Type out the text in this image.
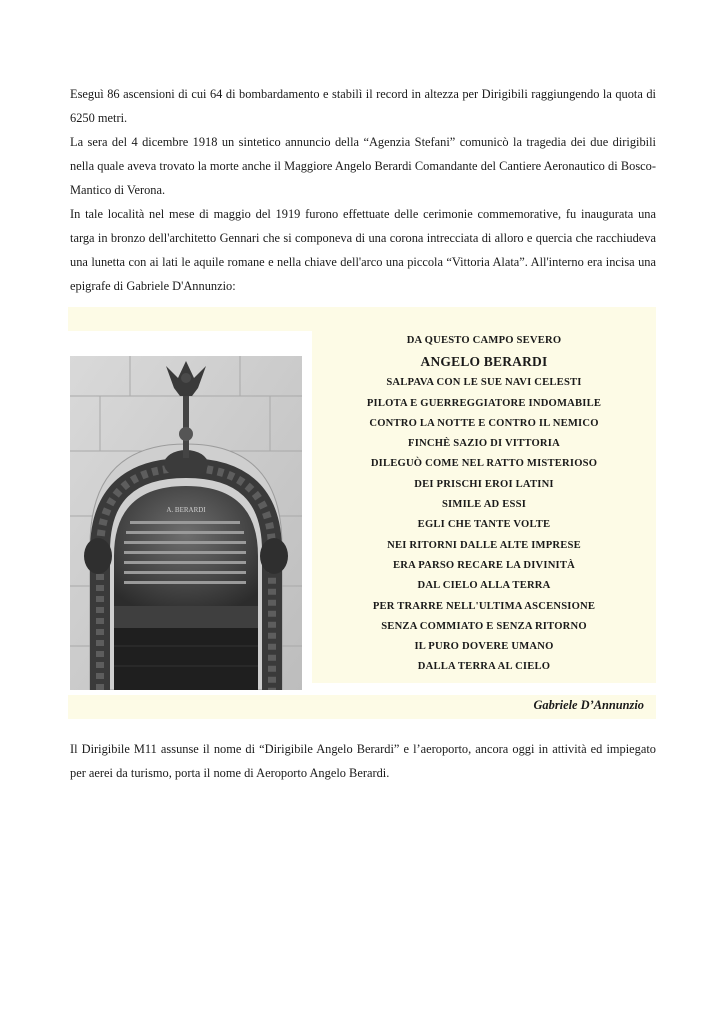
Eseguì 86 ascensioni di cui 64 di bombardamento e stabilì il record in altezza per Dirigibili raggiungendo la quota di 6250 metri.

La sera del 4 dicembre 1918 un sintetico annuncio della “Agenzia Stefani” comunicò la tragedia dei due dirigibili nella quale aveva trovato la morte anche il Maggiore Angelo Berardi Comandante del Cantiere Aeronautico di Bosco-Mantico di Verona.

In tale località nel mese di maggio del 1919 furono effettuate delle cerimonie commemorative, fu inaugurata una targa in bronzo dell'architetto Gennari che si componeva di una corona intrecciata di alloro e quercia che racchiudeva una lunetta con ai lati le aquile romane e nella chiave dell'arco una piccola “Vittoria Alata”. All'interno era incisa una epigrafe di Gabriele D'Annunzio:

A. BERARDI
DA QUESTO CAMPO SEVERO
ANGELO BERARDI
SALPAVA CON LE SUE NAVI CELESTI
PILOTA E GUERREGGIATORE INDOMABILE
CONTRO LA NOTTE E CONTRO IL NEMICO
FINCHÈ SAZIO DI VITTORIA
DILEGUÒ COME NEL RATTO MISTERIOSO
DEI PRISCHI EROI LATINI
SIMILE AD ESSI
EGLI CHE TANTE VOLTE
NEI RITORNI DALLE ALTE IMPRESE
ERA PARSO RECARE LA DIVINITÀ
DAL CIELO ALLA TERRA
PER TRARRE NELL'ULTIMA ASCENSIONE
SENZA COMMIATO E SENZA RITORNO
IL PURO DOVERE UMANO
DALLA TERRA AL CIELO
Gabriele D’Annunzio

Il Dirigibile M11 assunse il nome di “Dirigibile Angelo Berardi” e l’aeroporto, ancora oggi in attività ed impiegato per aerei da turismo, porta il nome di Aeroporto Angelo Berardi.
